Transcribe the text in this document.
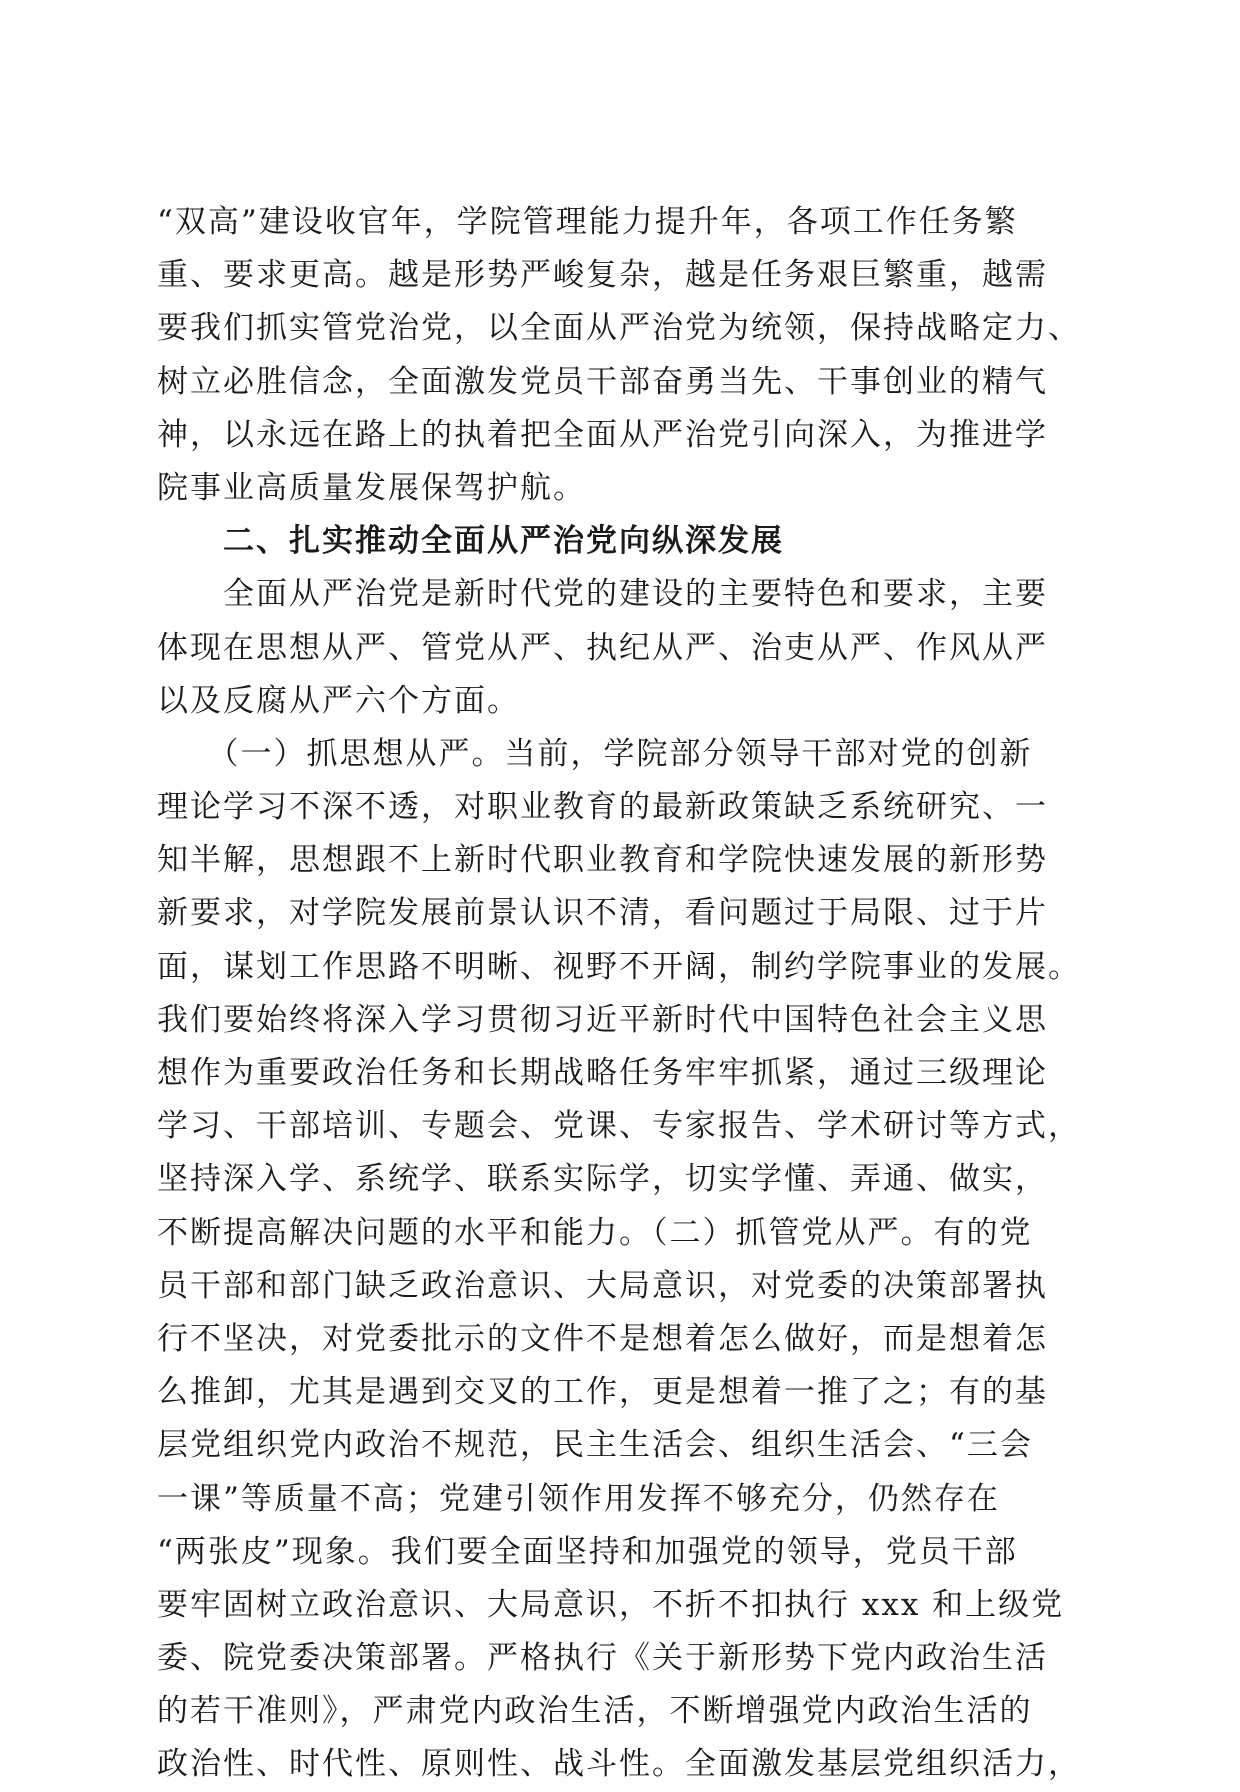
“双高”建设收官年，学院管理能力提升年，各项工作任务繁
重、要求更高。越是形势严峻复杂，越是任务艰巨繁重，越需
要我们抓实管党治党，以全面从严治党为统领，保持战略定力、
树立必胜信念，全面激发党员干部奋勇当先、干事创业的精气
神，以永远在路上的执着把全面从严治党引向深入，为推进学
院事业高质量发展保驾护航。
　　二、扎实推动全面从严治党向纵深发展
　　全面从严治党是新时代党的建设的主要特色和要求，主要
体现在思想从严、管党从严、执纪从严、治吏从严、作风从严
以及反腐从严六个方面。
　　（一）抓思想从严。当前，学院部分领导干部对党的创新
理论学习不深不透，对职业教育的最新政策缺乏系统研究、一
知半解，思想跟不上新时代职业教育和学院快速发展的新形势
新要求，对学院发展前景认识不清，看问题过于局限、过于片
面，谋划工作思路不明晰、视野不开阔，制约学院事业的发展。
我们要始终将深入学习贯彻习近平新时代中国特色社会主义思
想作为重要政治任务和长期战略任务牢牢抓紧，通过三级理论
学习、干部培训、专题会、党课、专家报告、学术研讨等方式，
坚持深入学、系统学、联系实际学，切实学懂、弄通、做实，
不断提高解决问题的水平和能力。（二）抓管党从严。有的党
员干部和部门缺乏政治意识、大局意识，对党委的决策部署执
行不坚决，对党委批示的文件不是想着怎么做好，而是想着怎
么推卸，尤其是遇到交叉的工作，更是想着一推了之；有的基
层党组织党内政治不规范，民主生活会、组织生活会、“三会
一课”等质量不高；党建引领作用发挥不够充分，仍然存在
“两张皮”现象。我们要全面坚持和加强党的领导，党员干部
要牢固树立政治意识、大局意识，不折不扣执行 xxx 和上级党
委、院党委决策部署。严格执行《关于新形势下党内政治生活
的若干准则》，严肃党内政治生活，不断增强党内政治生活的
政治性、时代性、原则性、战斗性。全面激发基层党组织活力，
